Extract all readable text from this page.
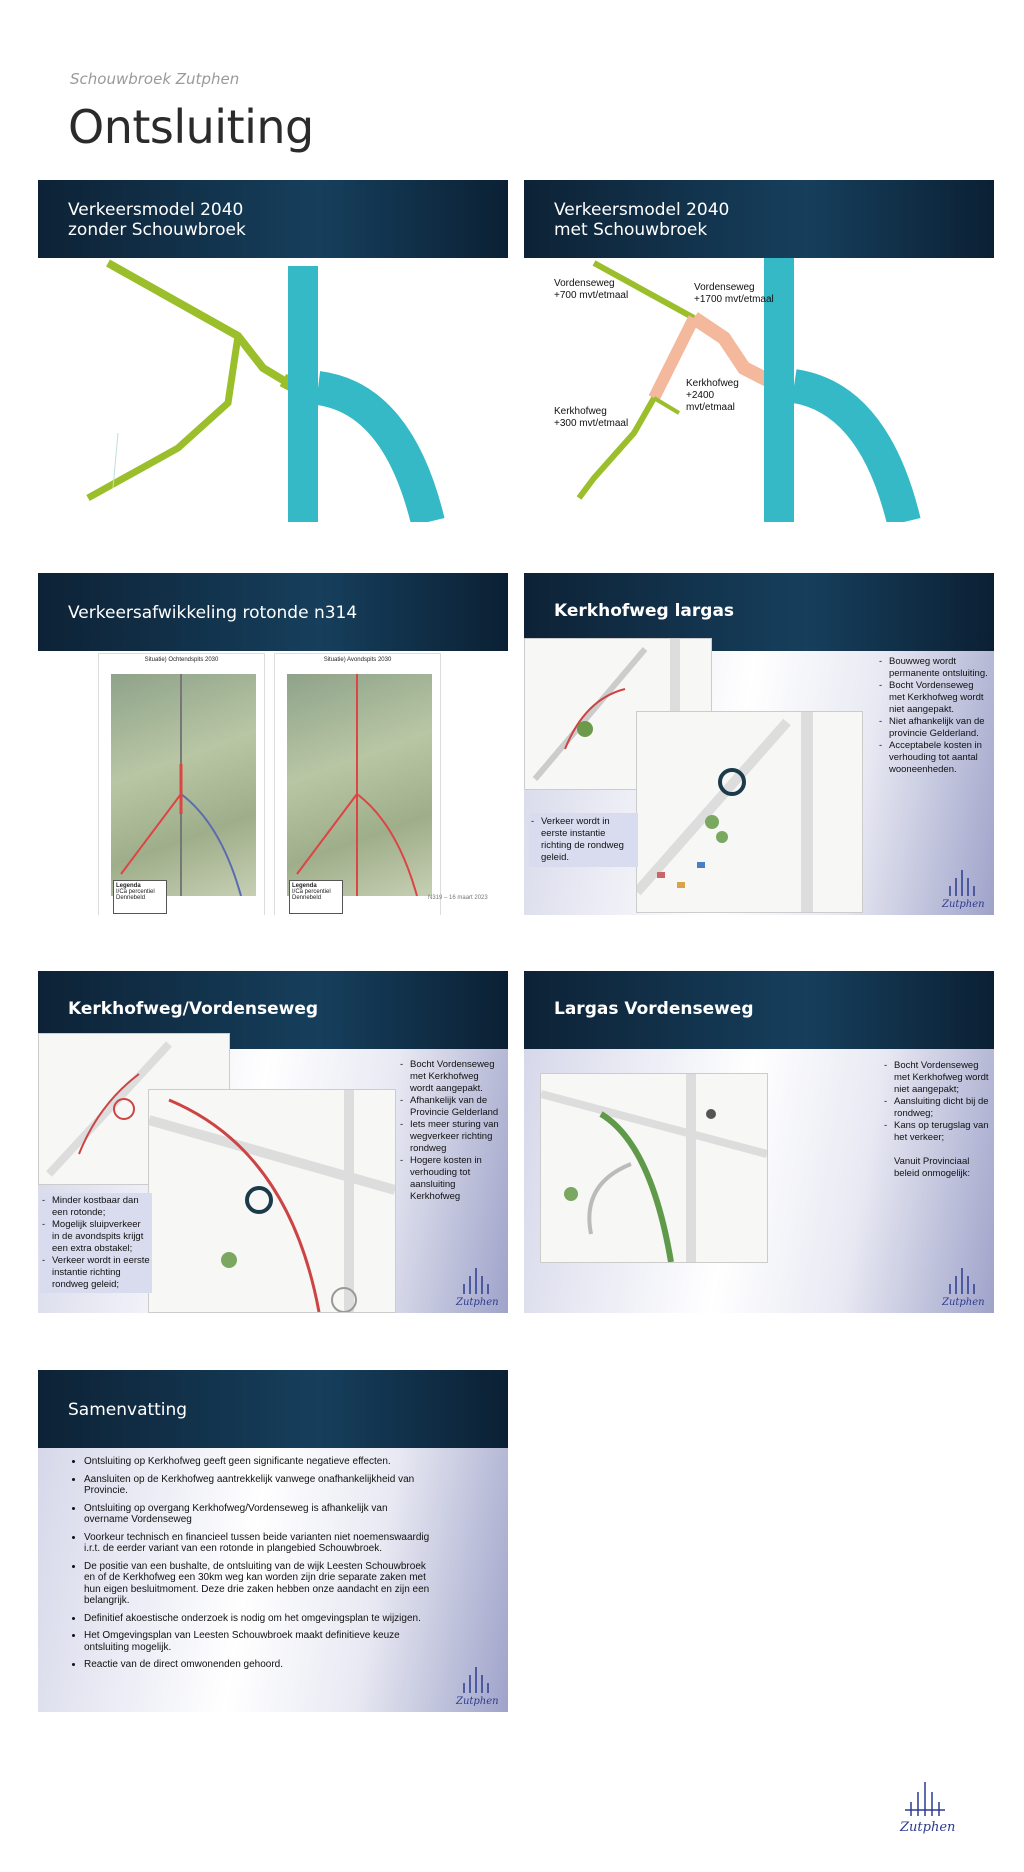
Schouwbroek Zutphen
Ontsluiting
Verkeersmodel 2040
zonder Schouwbroek
Verkeersmodel 2040
met Schouwbroek
Vordenseweg
+700 mvt/etmaal
Vordenseweg
+1700 mvt/etmaal
Kerkhofweg
+2400
mvt/etmaal
Kerkhofweg
+300 mvt/etmaal
Verkeersafwikkeling rotonde n314
Situatie) Ochtendspits 2030
Legenda
I/Ca percentiel
Dennebeld
Situatie) Avondspits 2030
Legenda
I/Ca percentiel
Dennebeld	N319 – 16 maart 2023
Kerkhofweg largas
- Bouwweg wordt permanente ontsluiting.
- Bocht Vordenseweg met Kerkhofweg wordt niet aangepakt.
- Niet afhankelijk van de provincie Gelderland.
- Acceptabele kosten in verhouding tot aantal wooneenheden.
- Verkeer wordt in eerste instantie richting de rondweg geleid.
Zutphen
Kerkhofweg/Vordenseweg
- Bocht Vordenseweg met Kerkhofweg wordt aangepakt.
- Afhankelijk van de Provincie Gelderland
- Iets meer sturing van wegverkeer richting rondweg
- Hogere kosten in verhouding tot aansluiting Kerkhofweg
- Minder kostbaar dan een rotonde;
- Mogelijk sluipverkeer in de avondspits krijgt een extra obstakel;
- Verkeer wordt in eerste instantie richting rondweg geleid;
Zutphen
Largas Vordenseweg
- Bocht Vordenseweg met Kerkhofweg wordt niet aangepakt;
- Aansluiting dicht bij de rondweg;
- Kans op terugslag van het verkeer;
Vanuit Provinciaal beleid onmogelijk:
Zutphen
Samenvatting
• Ontsluiting op Kerkhofweg geeft geen significante negatieve effecten.
• Aansluiten op de Kerkhofweg aantrekkelijk vanwege onafhankelijkheid van Provincie.
• Ontsluiting op overgang Kerkhofweg/Vordenseweg is afhankelijk van overname Vordenseweg
• Voorkeur technisch en financieel tussen beide varianten niet noemenswaardig i.r.t. de eerder variant van een rotonde in plangebied Schouwbroek.
• De positie van een bushalte, de ontsluiting van de wijk Leesten Schouwbroek en of de Kerkhofweg een 30km weg kan worden zijn drie separate zaken met hun eigen besluitmoment. Deze drie zaken hebben onze aandacht en zijn een belangrijk.
• Definitief akoestische onderzoek is nodig om het omgevingsplan te wijzigen.
• Het Omgevingsplan van Leesten Schouwbroek maakt definitieve keuze ontsluiting mogelijk.
• Reactie van de direct omwonenden gehoord.
Zutphen
Zutphen
